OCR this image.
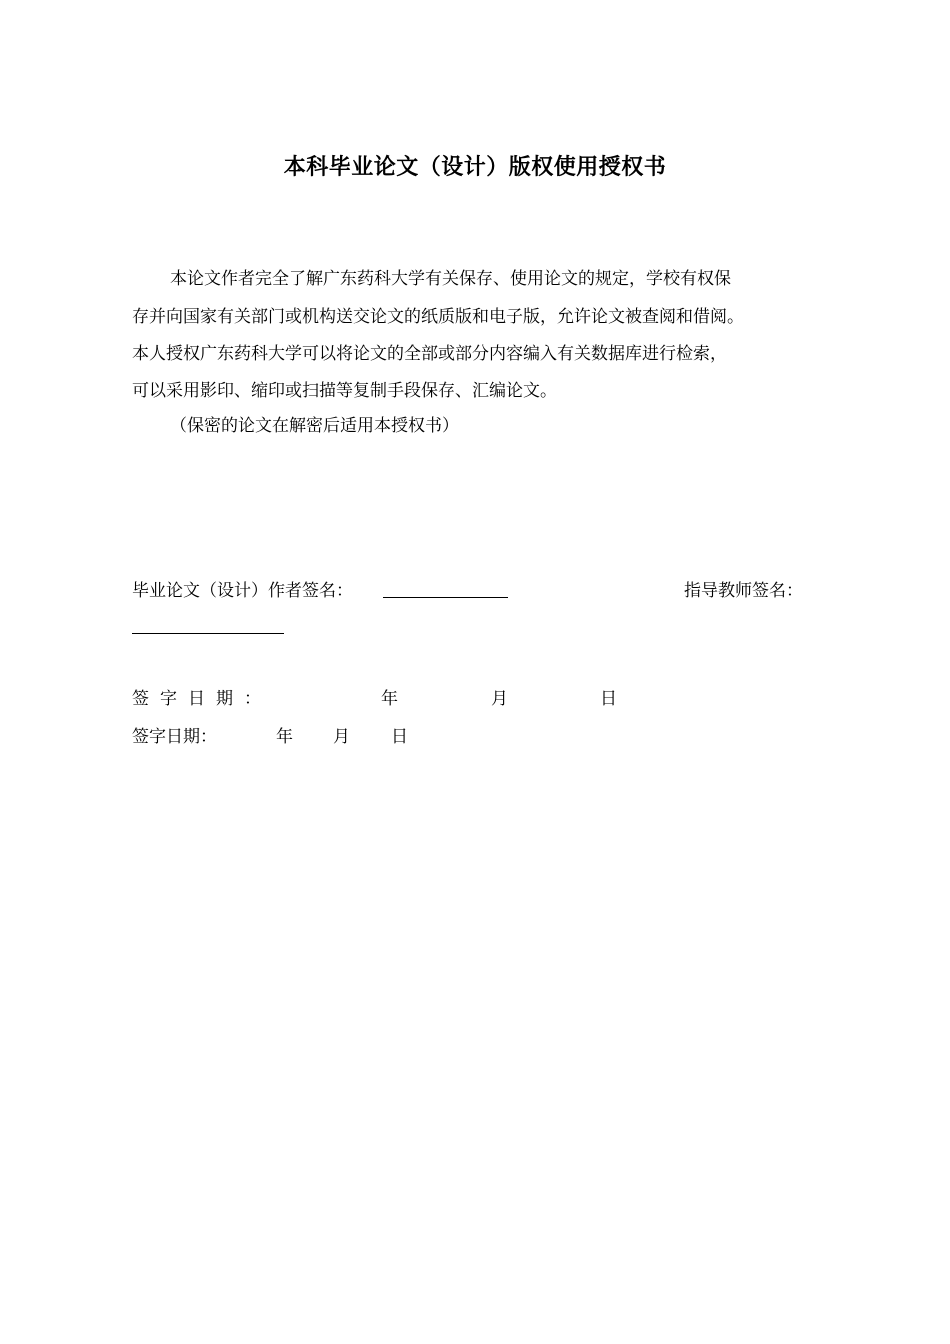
本科毕业论文（设计）版权使用授权书
本论文作者完全了解广东药科大学有关保存、使用论文的规定，学校有权保
存并向国家有关部门或机构送交论文的纸质版和电子版，允许论文被查阅和借阅。
本人授权广东药科大学可以将论文的全部或部分内容编入有关数据库进行检索，
可以采用影印、缩印或扫描等复制手段保存、汇编论文。
（保密的论文在解密后适用本授权书）
毕业论文（设计）作者签名：	指导教师签名：
签字日期：	年	月	日
签字日期：	年 月 日
